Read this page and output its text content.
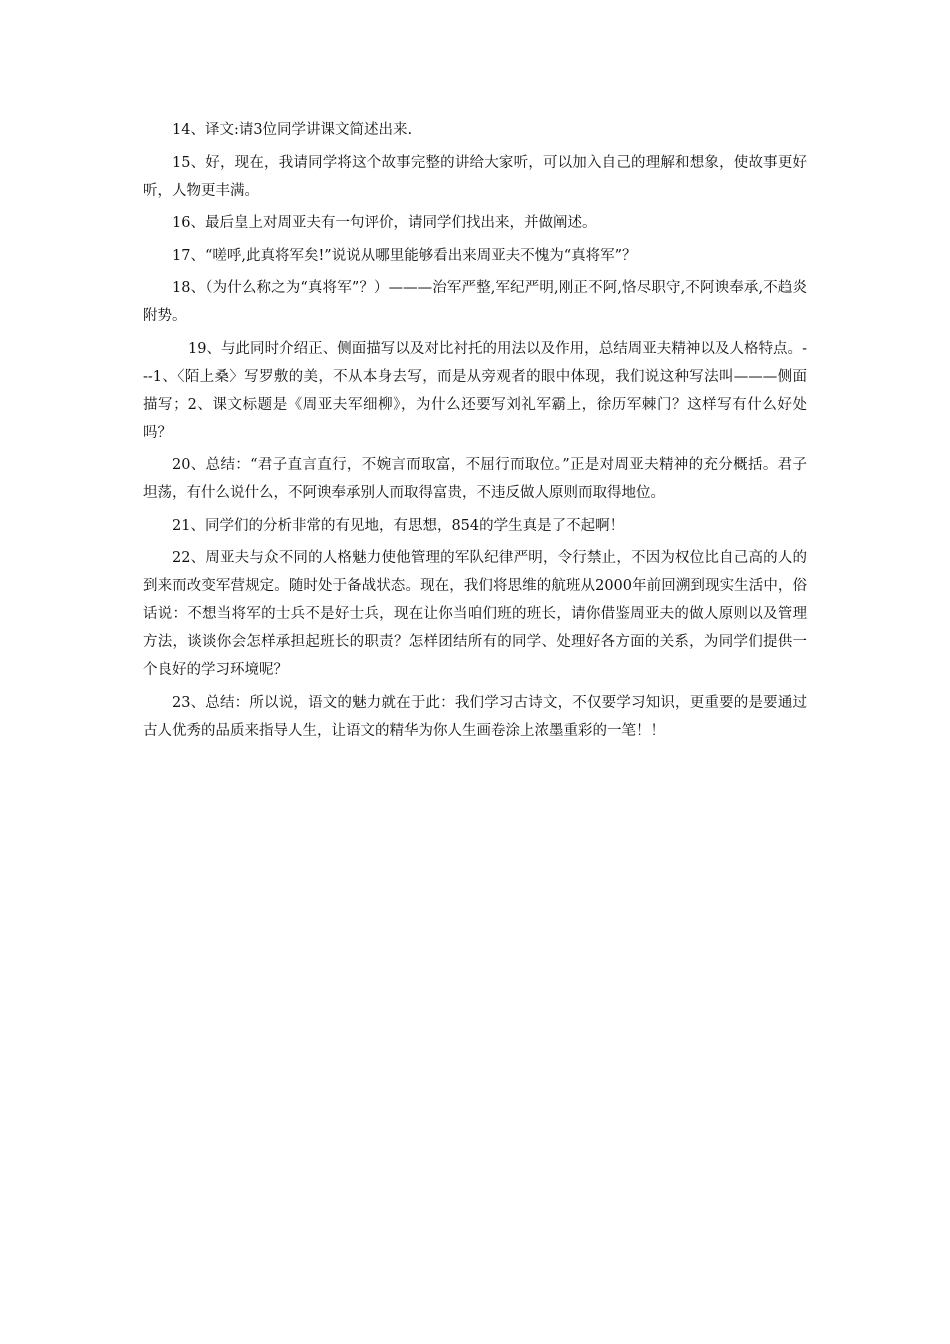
14、译文:请3位同学讲课文简述出来.

15、好，现在，我请同学将这个故事完整的讲给大家听，可以加入自己的理解和想象，使故事更好听，人物更丰满。

16、最后皇上对周亚夫有一句评价，请同学们找出来，并做阐述。

17、“嗟呼,此真将军矣!”说说从哪里能够看出来周亚夫不愧为“真将军”？

18、（为什么称之为“真将军”？）———治军严整,军纪严明,刚正不阿,恪尽职守,不阿谀奉承,不趋炎附势。

19、与此同时介绍正、侧面描写以及对比衬托的用法以及作用，总结周亚夫精神以及人格特点。---1、〈陌上桑〉写罗敷的美，不从本身去写，而是从旁观者的眼中体现，我们说这种写法叫———侧面描写；2、课文标题是《周亚夫军细柳》，为什么还要写刘礼军霸上，徐历军棘门？这样写有什么好处吗？

20、总结：“君子直言直行，不婉言而取富，不屈行而取位。”正是对周亚夫精神的充分概括。君子坦荡，有什么说什么，不阿谀奉承别人而取得富贵，不违反做人原则而取得地位。

21、同学们的分析非常的有见地，有思想，854的学生真是了不起啊！

22、周亚夫与众不同的人格魅力使他管理的军队纪律严明，令行禁止，不因为权位比自己高的人的到来而改变军营规定。随时处于备战状态。现在，我们将思维的航班从2000年前回溯到现实生活中，俗话说：不想当将军的士兵不是好士兵，现在让你当咱们班的班长，请你借鉴周亚夫的做人原则以及管理方法，谈谈你会怎样承担起班长的职责？怎样团结所有的同学、处理好各方面的关系，为同学们提供一个良好的学习环境呢？

23、总结：所以说，语文的魅力就在于此：我们学习古诗文，不仅要学习知识，更重要的是要通过古人优秀的品质来指导人生，让语文的精华为你人生画卷涂上浓墨重彩的一笔！！
